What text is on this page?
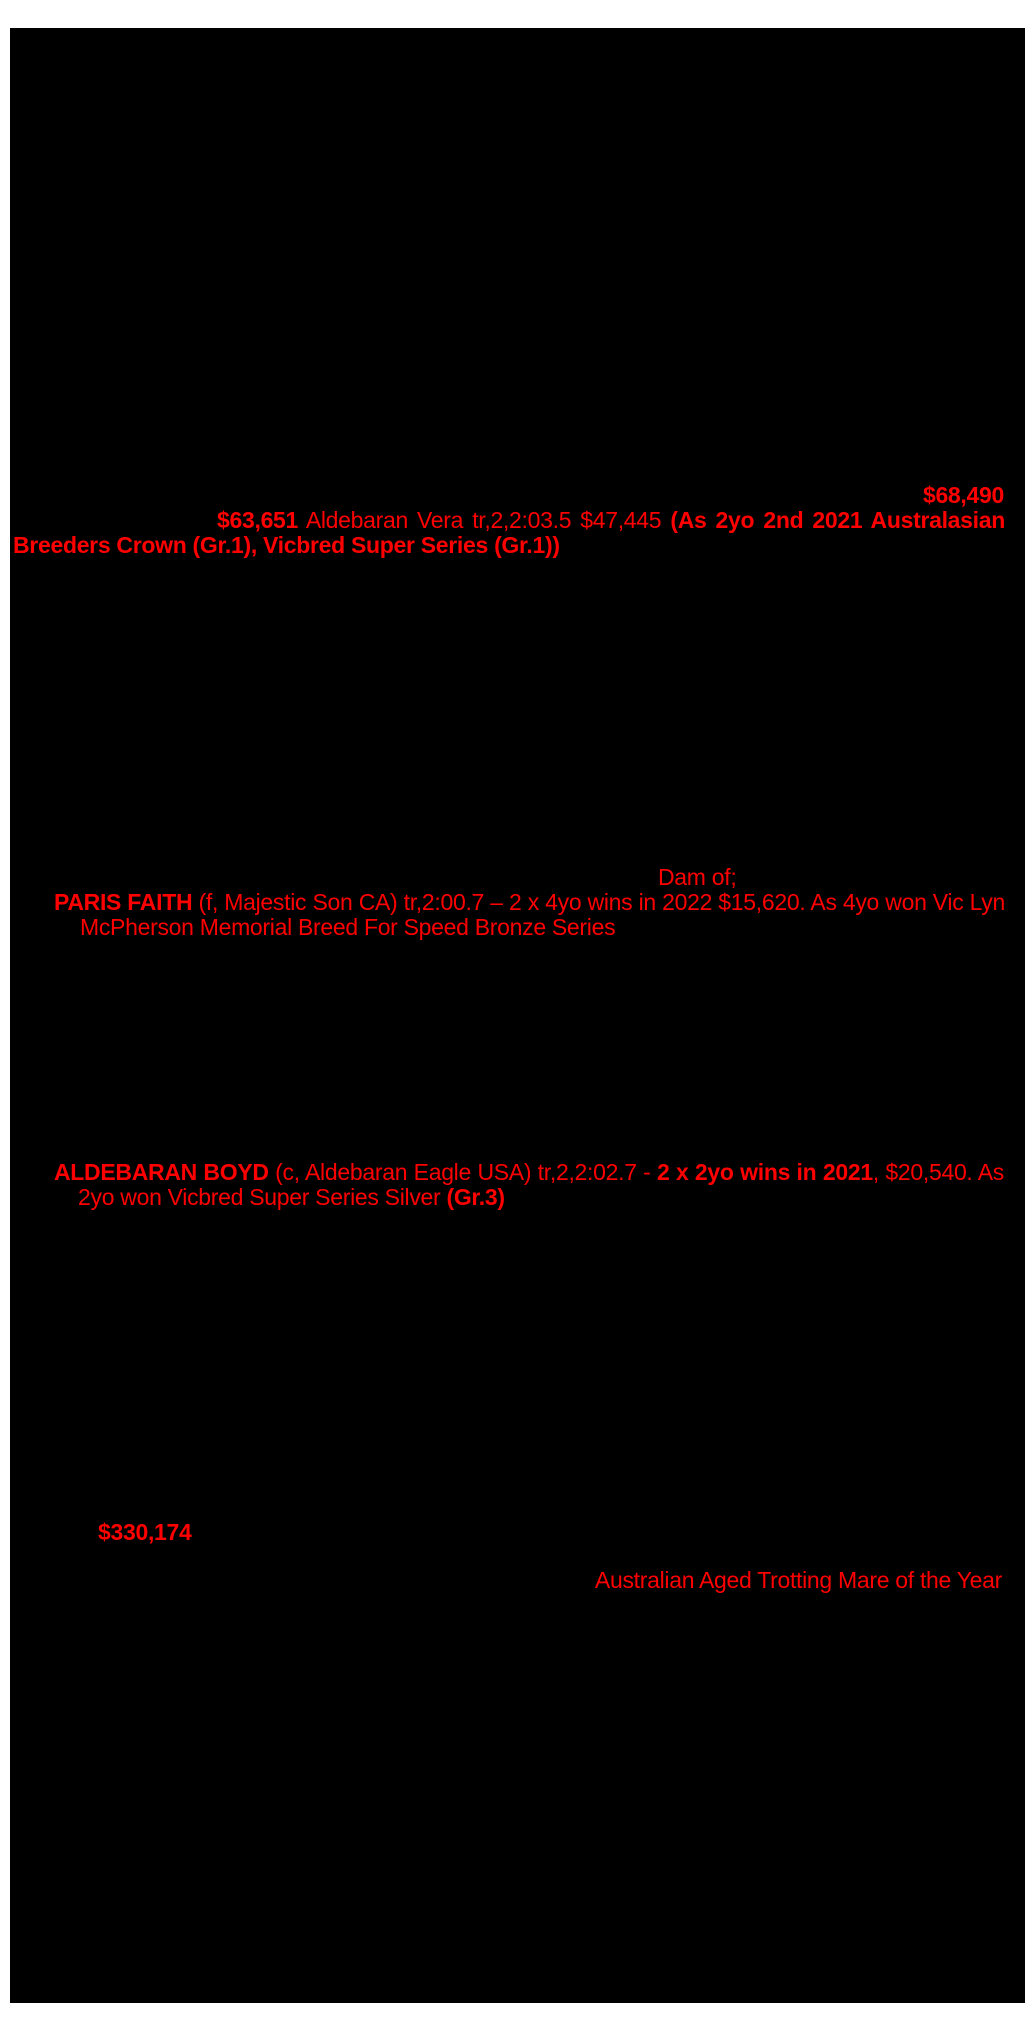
$68,490
$63,651 Aldebaran Vera tr,2,2:03.5 $47,445 (As 2yo 2nd 2021 Australasian
Breeders Crown (Gr.1), Vicbred Super Series (Gr.1))
Dam of;
PARIS FAITH (f, Majestic Son CA) tr,2:00.7 – 2 x 4yo wins in 2022 $15,620. As 4yo won Vic Lyn
McPherson Memorial Breed For Speed Bronze Series
ALDEBARAN BOYD (c, Aldebaran Eagle USA) tr,2,2:02.7 - 2 x 2yo wins in 2021, $20,540. As
2yo won Vicbred Super Series Silver (Gr.3)
$330,174
Australian Aged Trotting Mare of the Year
